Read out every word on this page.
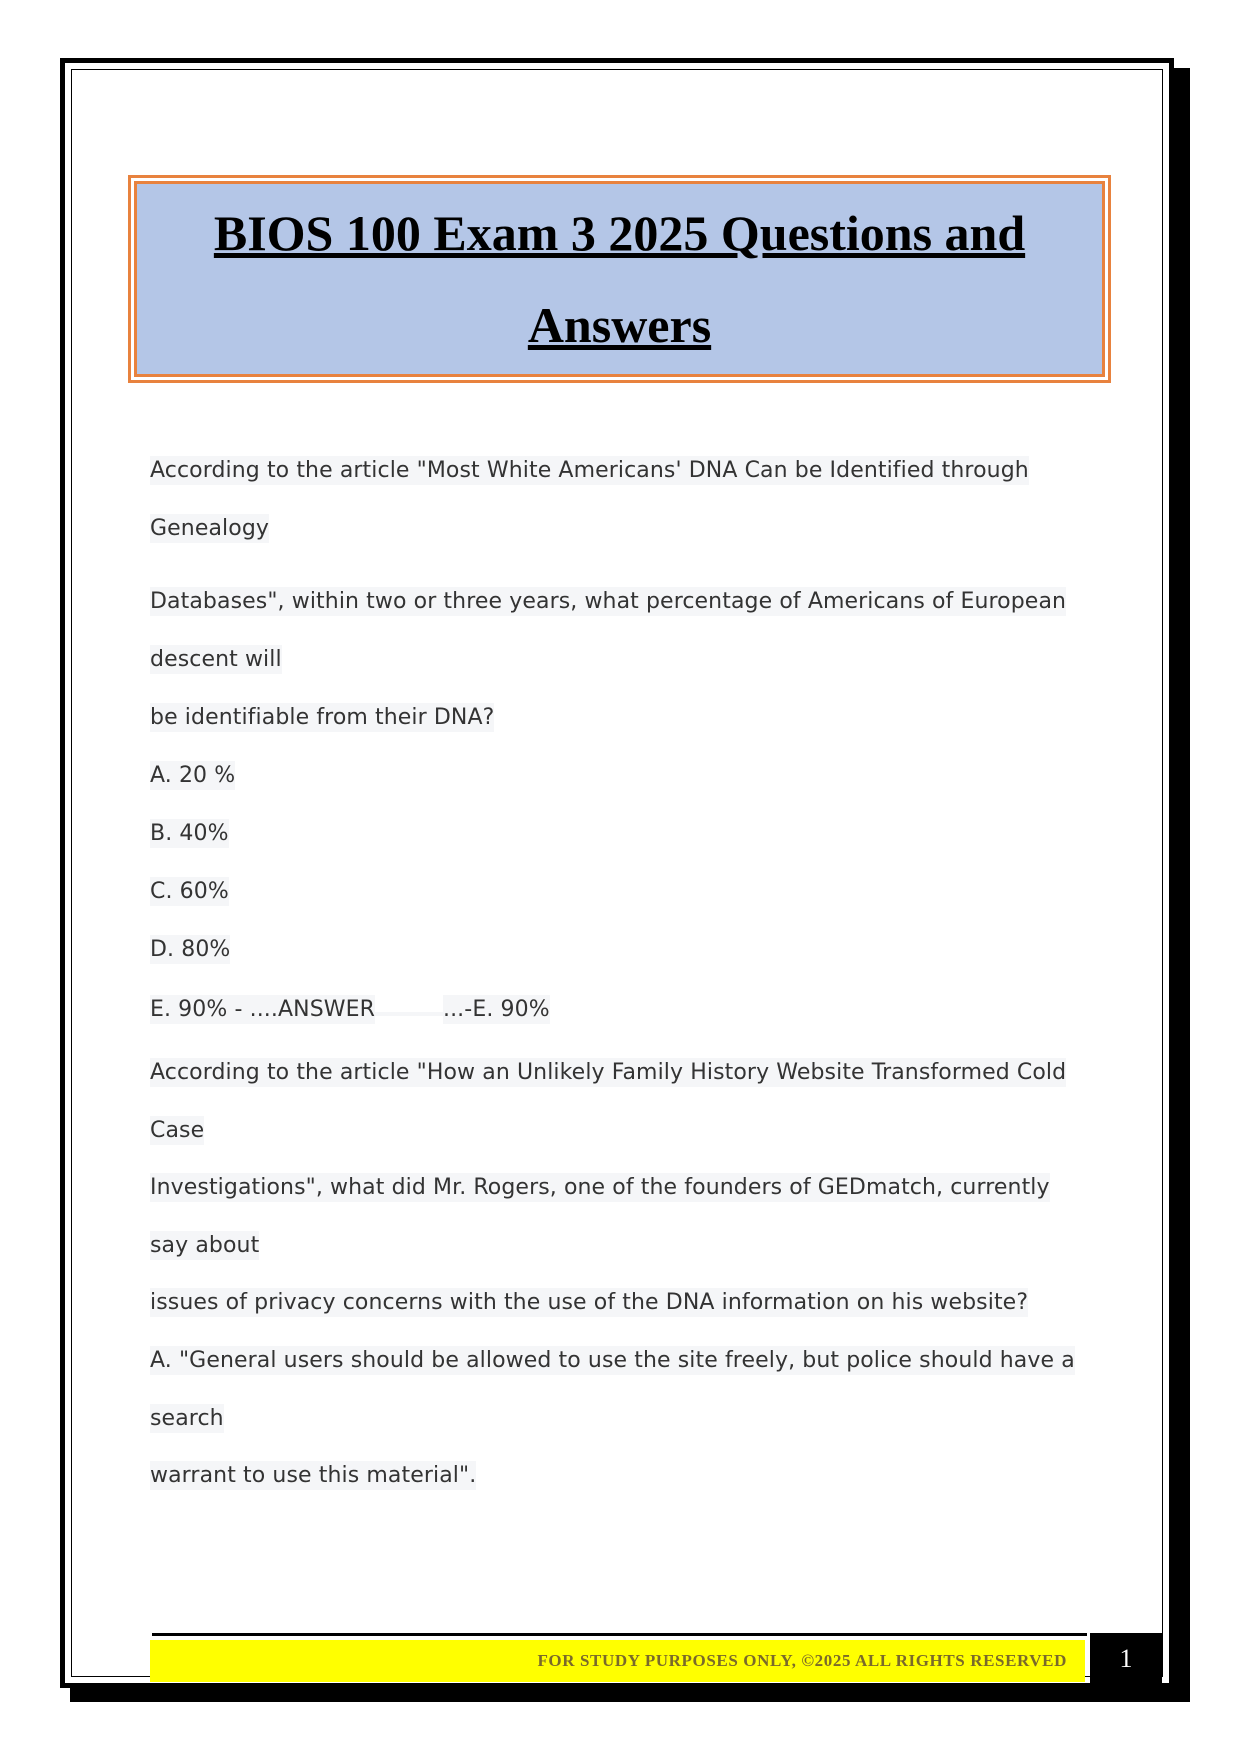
BIOS 100 Exam 3 2025 Questions and
Answers
According to the article "Most White Americans' DNA Can be Identified through
Genealogy
Databases", within two or three years, what percentage of Americans of European
descent will
be identifiable from their DNA?
A. 20 %
B. 40%
C. 60%
D. 80%
E. 90% - ....ANSWER	...-E. 90%
According to the article "How an Unlikely Family History Website Transformed Cold
Case
Investigations", what did Mr. Rogers, one of the founders of GEDmatch, currently
say about
issues of privacy concerns with the use of the DNA information on his website?
A. "General users should be allowed to use the site freely, but police should have a
search
warrant to use this material".
FOR STUDY PURPOSES ONLY, ©2025 ALL RIGHTS RESERVED	1
